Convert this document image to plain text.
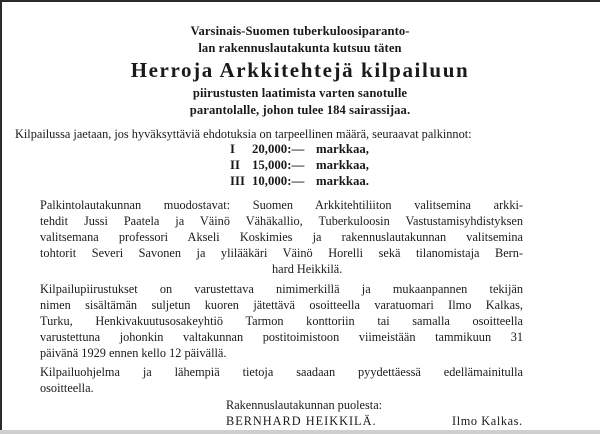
Varsinais-Suomen tuberkuloosiparanto-
lan rakennuslautakunta kutsuu täten
Herroja Arkkitehtejä kilpailuun
piirustusten laatimista varten sanotulle
parantolalle, johon tulee 184 sairassijaa.
Kilpailussa jaetaan, jos hyväksyttäviä ehdotuksia on tarpeellinen määrä, seuraavat palkinnot:
I 20,000:— markkaa,
II 15,000:— markkaa,
III 10,000:— markkaa.
Palkintolautakunnan muodostavat: Suomen Arkkitehtiliiton valitsemina arkki-
tehdit Jussi Paatela ja Väinö Vähäkallio, Tuberkuloosin Vastustamisyhdistyksen
valitsemana professori Akseli Koskimies ja rakennuslautakunnan valitsemina
tohtorit Severi Savonen ja ylilääkäri Väinö Horelli sekä tilanomistaja Bern-
hard Heikkilä.
Kilpailupiirustukset on varustettava nimimerkillä ja mukaanpannen tekijän
nimen sisältämän suljetun kuoren jätettävä osoitteella varatuomari Ilmo Kalkas,
Turku, Henkivakuutusosakeyhtiö Tarmon konttoriin tai samalla osoitteella
varustettuna johonkin valtakunnan postitoimistoon viimeistään tammikuun 31
päivänä 1929 ennen kello 12 päivällä.
Kilpailuohjelma ja lähempiä tietoja saadaan pyydettäessä edellämainitulla
osoitteella.
Rakennuslautakunnan puolesta:
BERNHARD HEIKKILÄ.	Ilmo Kalkas.
